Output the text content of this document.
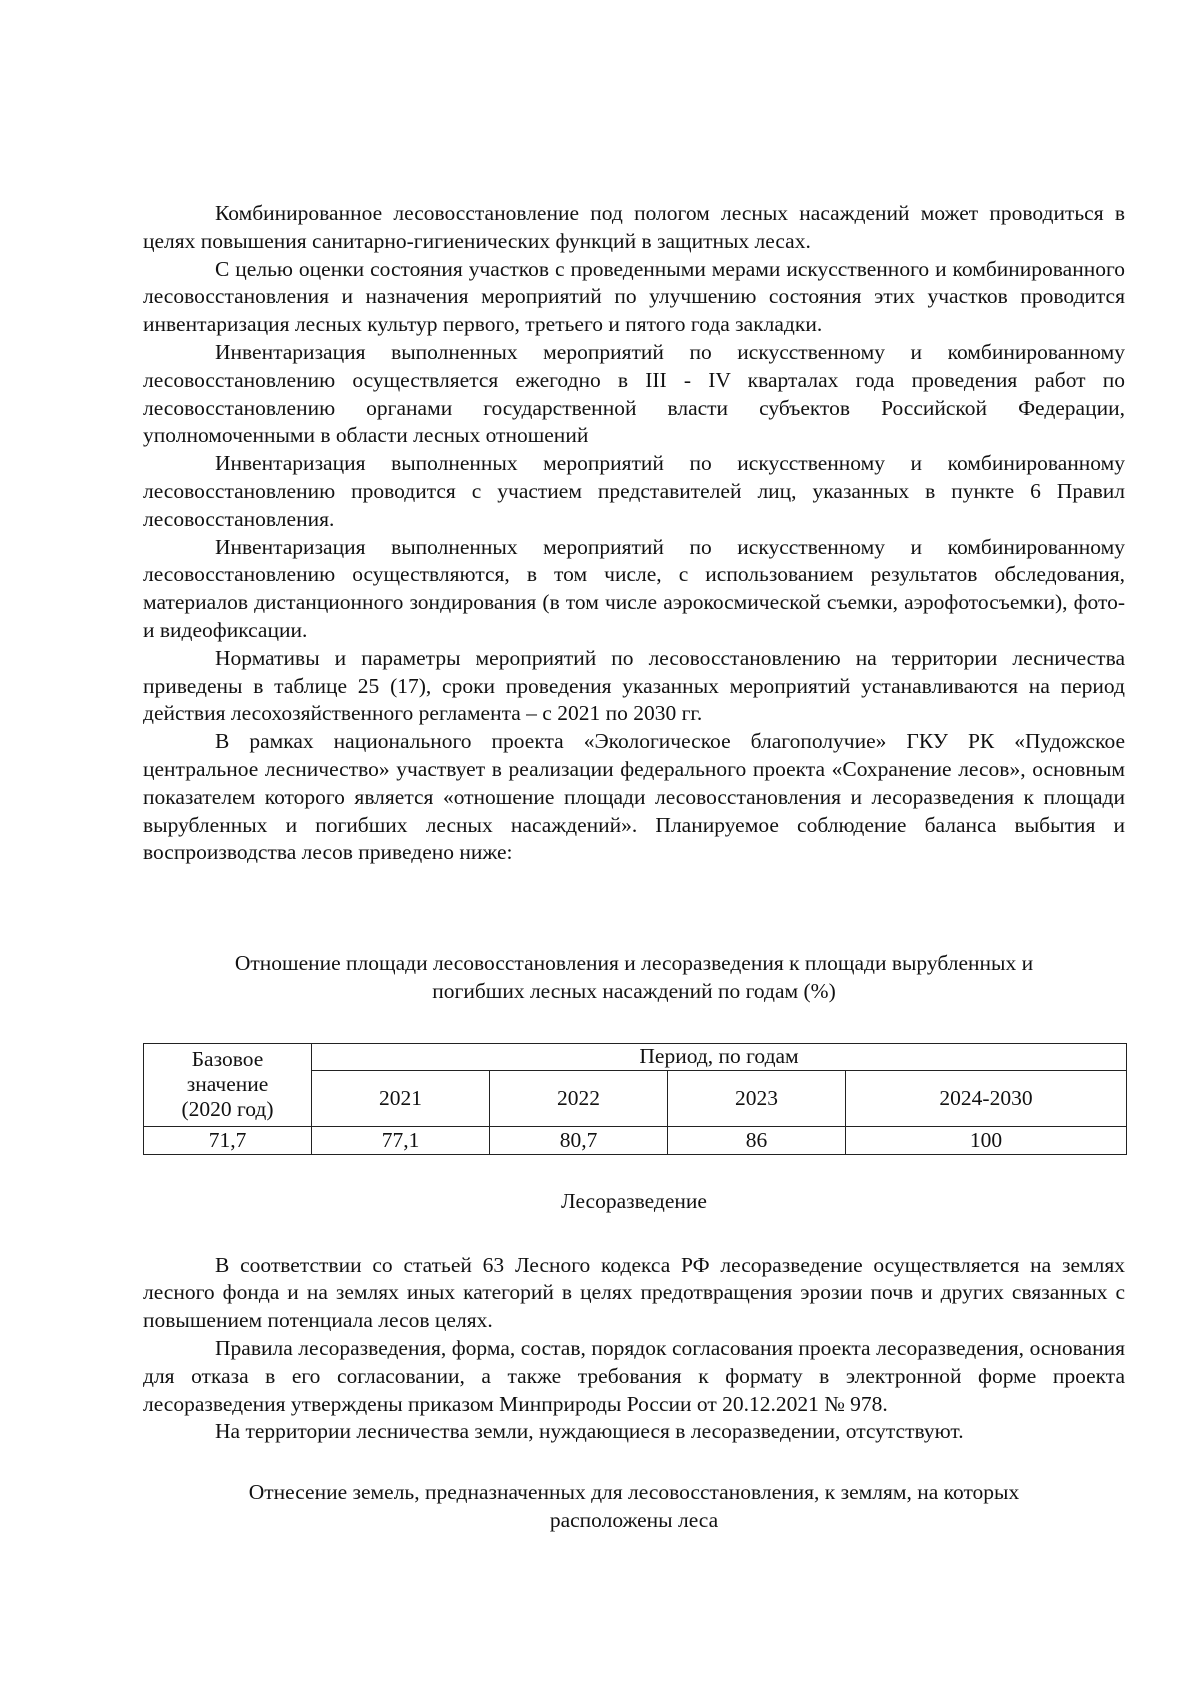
Комбинированное лесовосстановление под пологом лесных насаждений может проводиться в целях повышения санитарно-гигиенических функций в защитных лесах.

С целью оценки состояния участков с проведенными мерами искусственного и комбинированного лесовосстановления и назначения мероприятий по улучшению состояния этих участков проводится инвентаризация лесных культур первого, третьего и пятого года закладки.

Инвентаризация выполненных мероприятий по искусственному и комбинированному лесовосстановлению осуществляется ежегодно в III - IV кварталах года проведения работ по лесовосстановлению органами государственной власти субъектов Российской Федерации, уполномоченными в области лесных отношений

Инвентаризация выполненных мероприятий по искусственному и комбинированному лесовосстановлению проводится с участием представителей лиц, указанных в пункте 6 Правил лесовосстановления.

Инвентаризация выполненных мероприятий по искусственному и комбинированному лесовосстановлению осуществляются, в том числе, с использованием результатов обследования, материалов дистанционного зондирования (в том числе аэрокосмической съемки, аэрофотосъемки), фото- и видеофиксации.

Нормативы и параметры мероприятий по лесовосстановлению на территории лесничества приведены в таблице 25 (17), сроки проведения указанных мероприятий устанавливаются на период действия лесохозяйственного регламента – с 2021 по 2030 гг.

В рамках национального проекта «Экологическое благополучие» ГКУ РК «Пудожское центральное лесничество» участвует в реализации федерального проекта «Сохранение лесов», основным показателем которого является «отношение площади лесовосстановления и лесоразведения к площади вырубленных и погибших лесных насаждений». Планируемое соблюдение баланса выбытия и воспроизводства лесов приведено ниже:

Отношение площади лесовосстановления и лесоразведения к площади вырубленных и
погибших лесных насаждений по годам (%)

Базовое
значение
(2020 год)	Период, по годам			
	2021	2022	2023	2024-2030
71,7	77,1	80,7	86	100

Лесоразведение

В соответствии со статьей 63 Лесного кодекса РФ лесоразведение осуществляется на землях лесного фонда и на землях иных категорий в целях предотвращения эрозии почв и других связанных с повышением потенциала лесов целях.

Правила лесоразведения, форма, состав, порядок согласования проекта лесоразведения, основания для отказа в его согласовании, а также требования к формату в электронной форме проекта лесоразведения утверждены приказом Минприроды России от 20.12.2021 № 978.

На территории лесничества земли, нуждающиеся в лесоразведении, отсутствуют.

Отнесение земель, предназначенных для лесовосстановления, к землям, на которых
расположены леса
